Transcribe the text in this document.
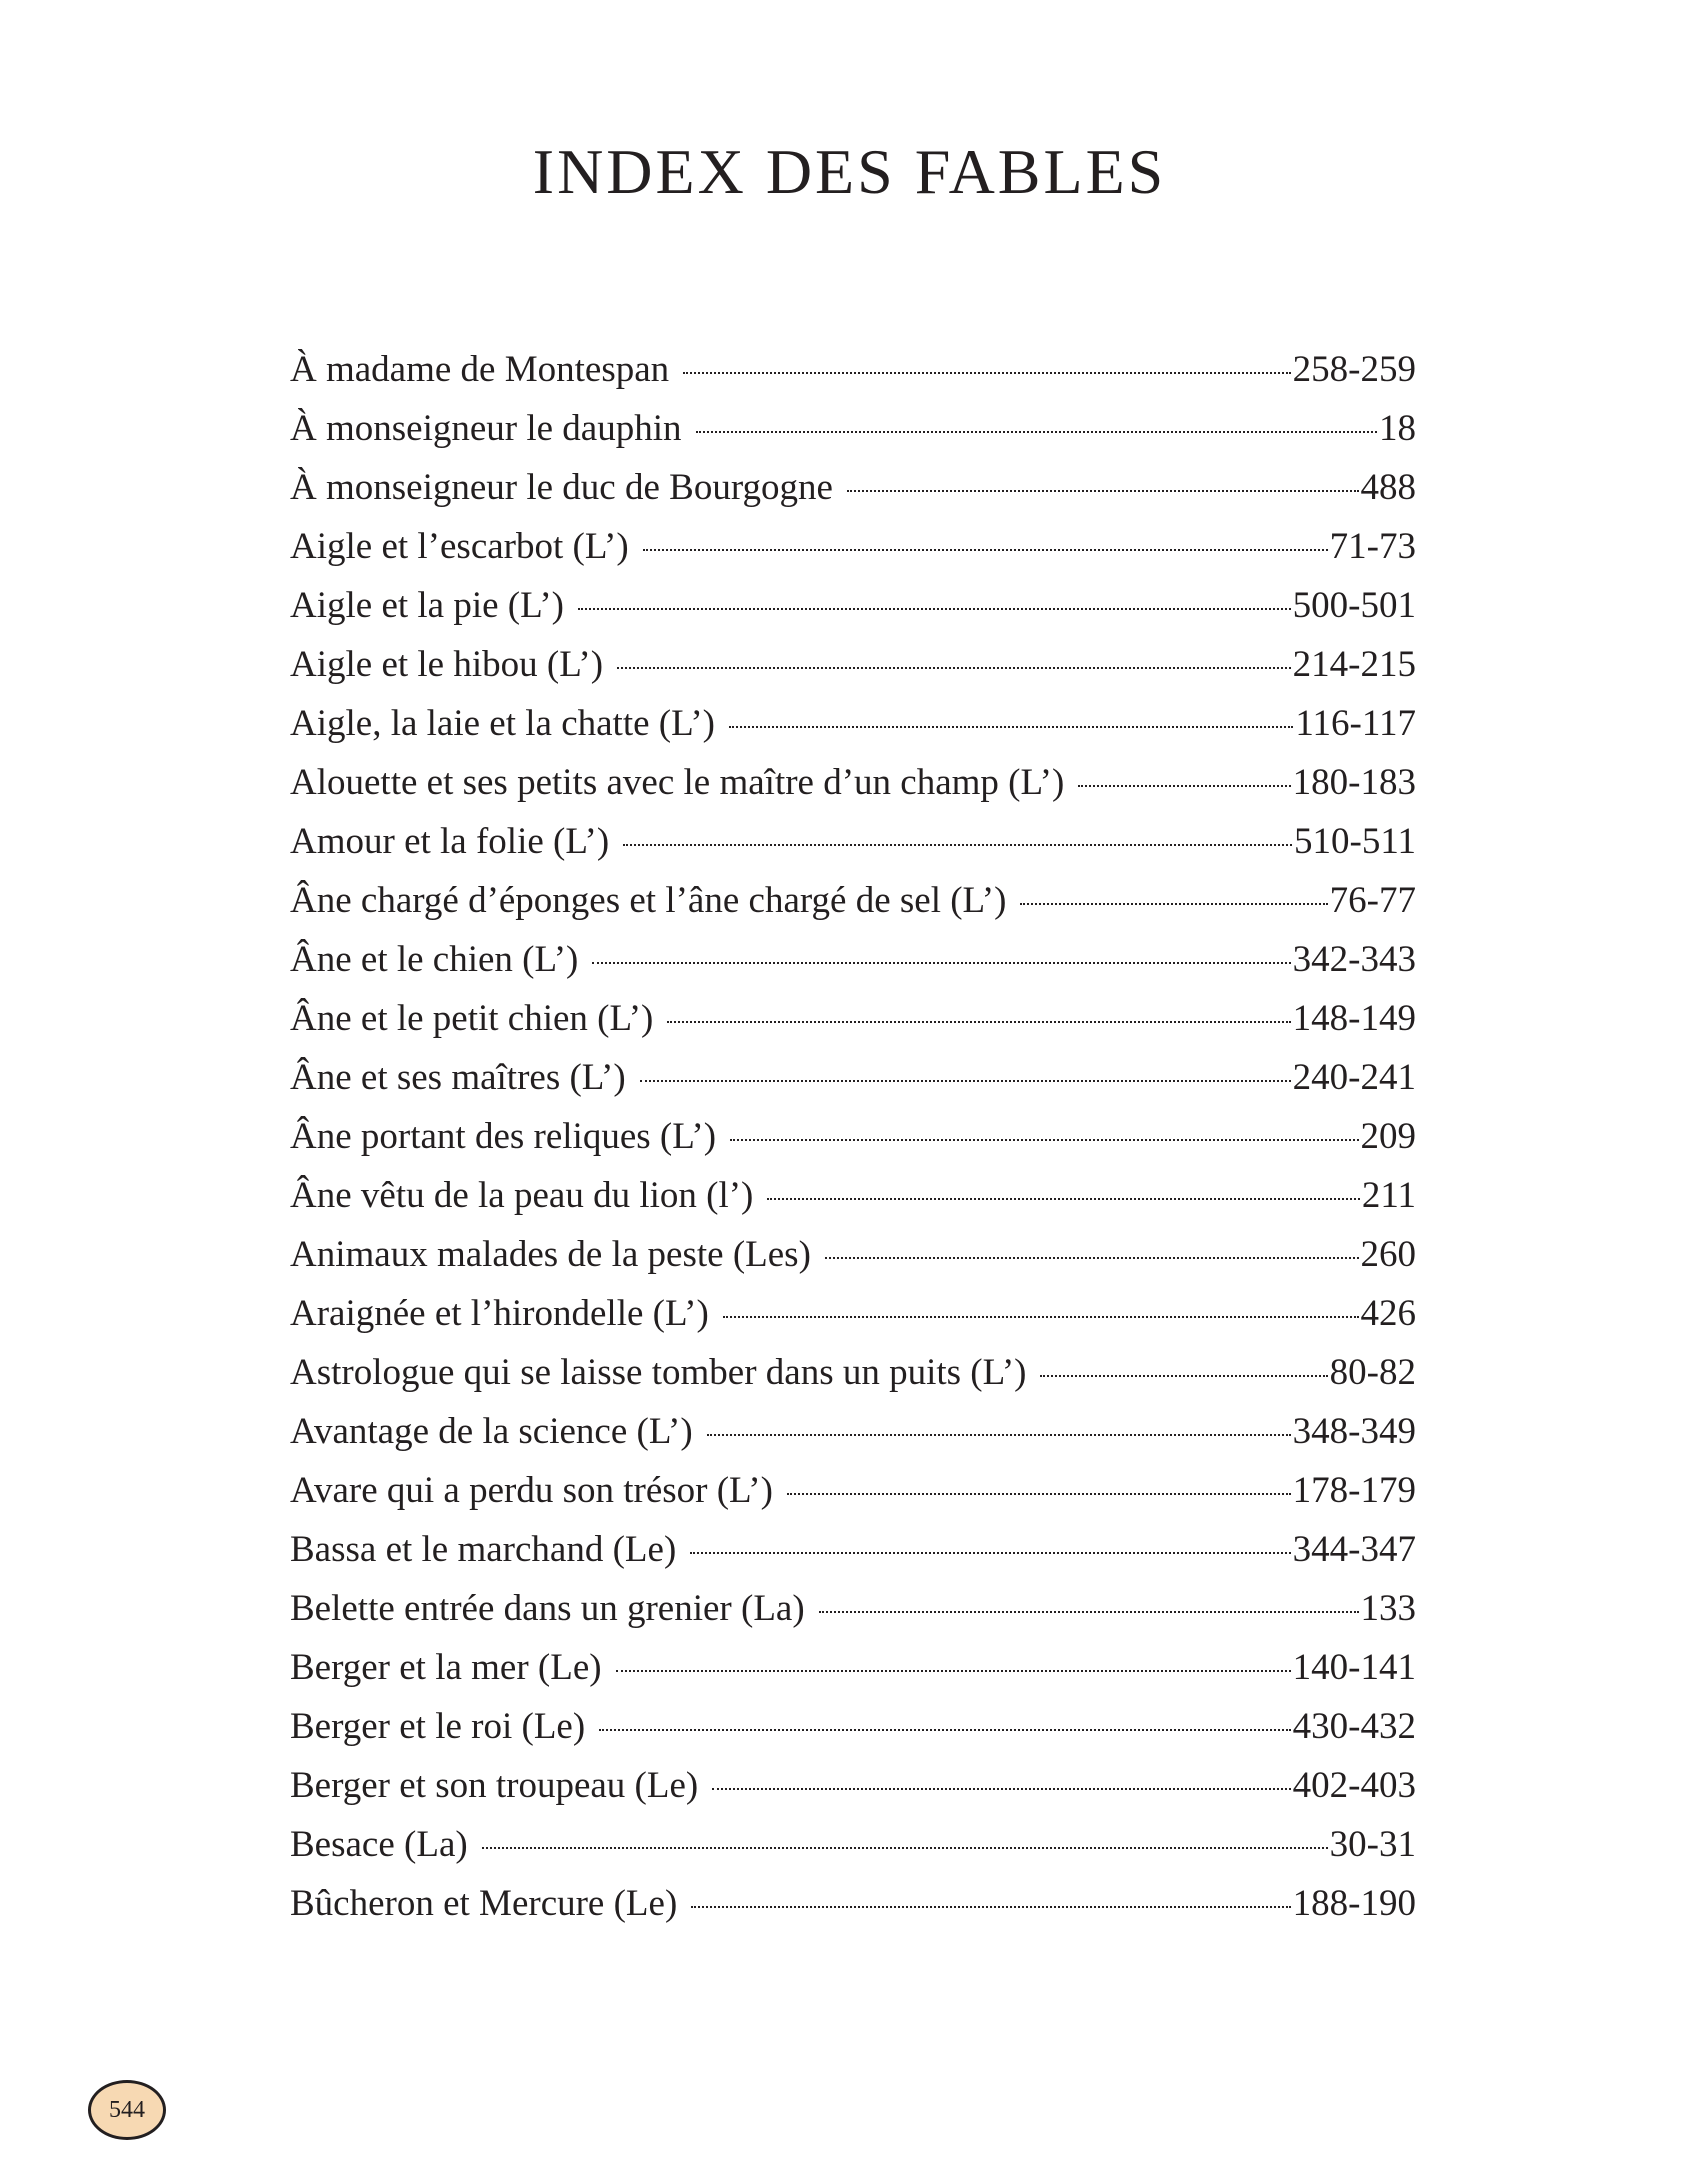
INDEX DES FABLES
À madame de Montespan	258-259
À monseigneur le dauphin	18
À monseigneur le duc de Bourgogne	488
Aigle et l’escarbot (L’)	71-73
Aigle et la pie (L’)	500-501
Aigle et le hibou (L’)	214-215
Aigle, la laie et la chatte (L’)	116-117
Alouette et ses petits avec le maître d’un champ (L’)	180-183
Amour et la folie (L’)	510-511
Âne chargé d’éponges et l’âne chargé de sel (L’)	76-77
Âne et le chien (L’)	342-343
Âne et le petit chien (L’)	148-149
Âne et ses maîtres (L’)	240-241
Âne portant des reliques (L’)	209
Âne vêtu de la peau du lion (l’)	211
Animaux malades de la peste (Les)	260
Araignée et l’hirondelle (L’)	426
Astrologue qui se laisse tomber dans un puits (L’)	80-82
Avantage de la science (L’)	348-349
Avare qui a perdu son trésor (L’)	178-179
Bassa et le marchand (Le)	344-347
Belette entrée dans un grenier (La)	133
Berger et la mer (Le)	140-141
Berger et le roi (Le)	430-432
Berger et son troupeau (Le)	402-403
Besace (La)	30-31
Bûcheron et Mercure (Le)	188-190
544
